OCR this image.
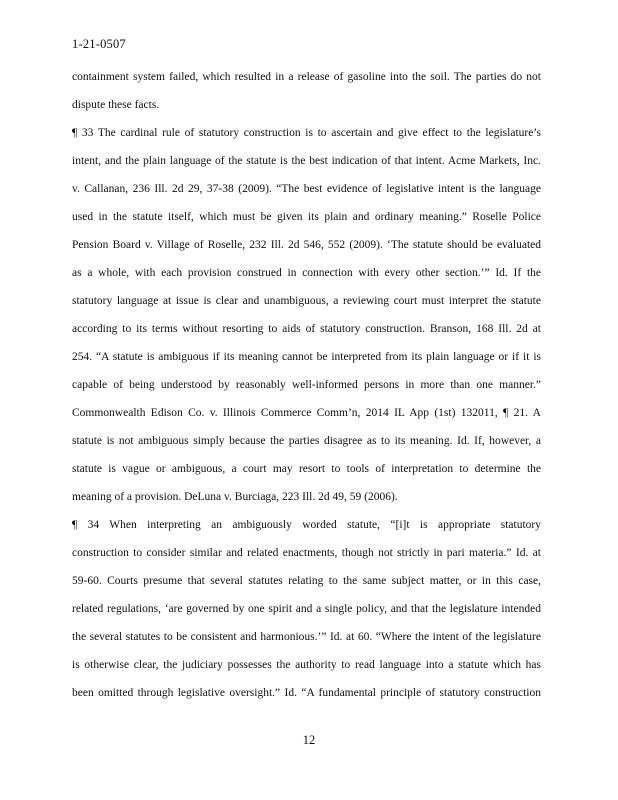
1-21-0507
containment system failed, which resulted in a release of gasoline into the soil. The parties do not
dispute these facts.
¶ 33 The cardinal rule of statutory construction is to ascertain and give effect to the legislature’s
intent, and the plain language of the statute is the best indication of that intent. Acme Markets, Inc.
v. Callanan, 236 Ill. 2d 29, 37-38 (2009). “The best evidence of legislative intent is the language
used in the statute itself, which must be given its plain and ordinary meaning.” Roselle Police
Pension Board v. Village of Roselle, 232 Ill. 2d 546, 552 (2009). ‘The statute should be evaluated
as a whole, with each provision construed in connection with every other section.’” Id. If the
statutory language at issue is clear and unambiguous, a reviewing court must interpret the statute
according to its terms without resorting to aids of statutory construction. Branson, 168 Ill. 2d at
254. “A statute is ambiguous if its meaning cannot be interpreted from its plain language or if it is
capable of being understood by reasonably well-informed persons in more than one manner.”
Commonwealth Edison Co. v. Illinois Commerce Comm’n, 2014 IL App (1st) 132011, ¶ 21. A
statute is not ambiguous simply because the parties disagree as to its meaning. Id. If, however, a
statute is vague or ambiguous, a court may resort to tools of interpretation to determine the
meaning of a provision. DeLuna v. Burciaga, 223 Ill. 2d 49, 59 (2006).
¶ 34 When interpreting an ambiguously worded statute, “[i]t is appropriate statutory
construction to consider similar and related enactments, though not strictly in pari materia.” Id. at
59-60. Courts presume that several statutes relating to the same subject matter, or in this case,
related regulations, ‘are governed by one spirit and a single policy, and that the legislature intended
the several statutes to be consistent and harmonious.’” Id. at 60. “Where the intent of the legislature
is otherwise clear, the judiciary possesses the authority to read language into a statute which has
been omitted through legislative oversight.” Id. “A fundamental principle of statutory construction
12
